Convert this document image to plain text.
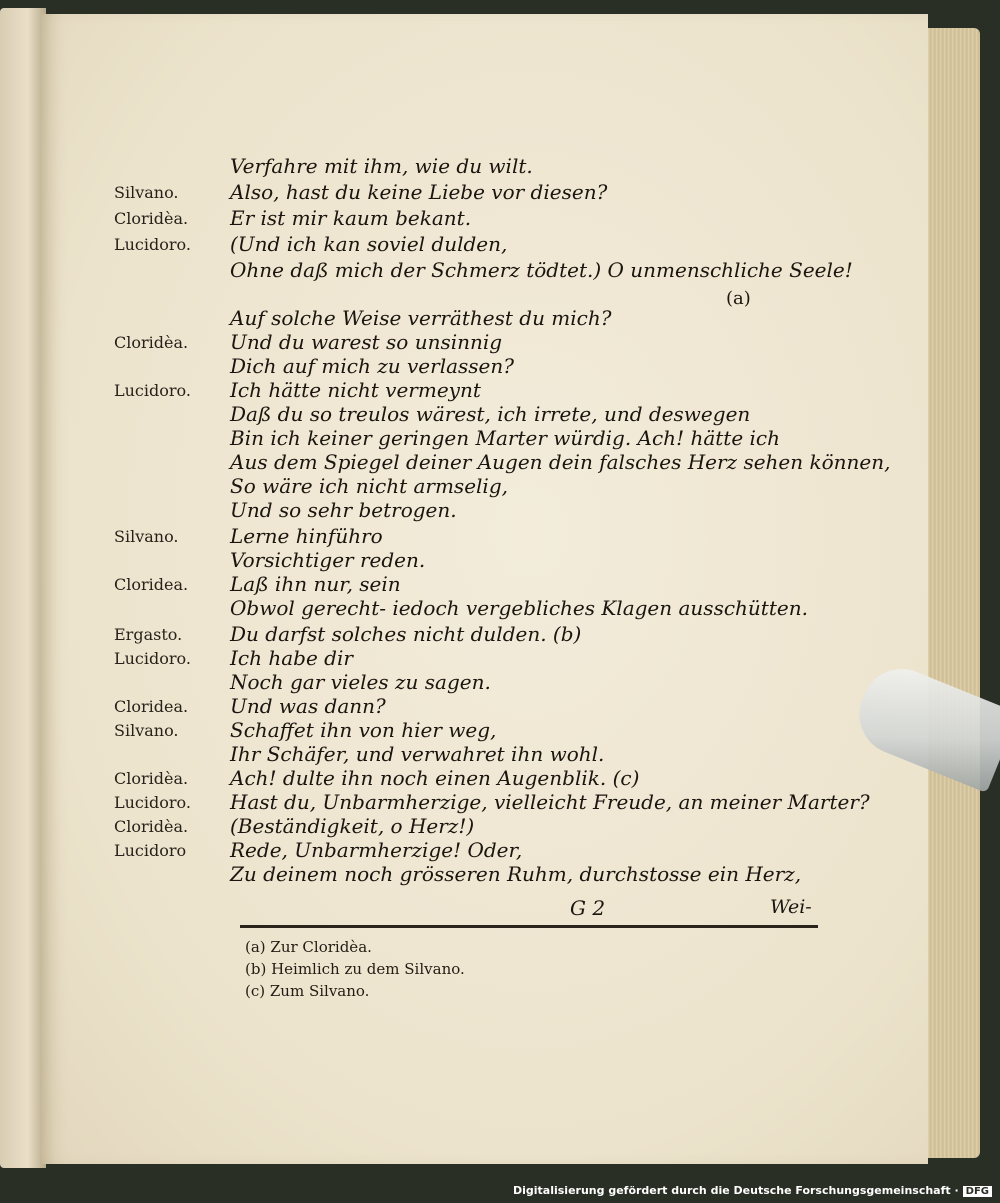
Verfahre mit ihm, wie du wilt.
Silvano.	Also, hast du keine Liebe vor diesen?
Cloridèa. Er ist mir kaum bekant.
Lucidoro. (Und ich kan soviel dulden,
Ohne daß mich der Schmerz tödtet.) O unmenschliche Seele!
Auf solche Weise verräthest du mich?
Cloridèa. Und du warest so unsinnig
Dich auf mich zu verlassen?
Lucidoro. Ich hätte nicht vermeynt
Daß du so treulos wärest, ich irrete, und deswegen
Bin ich keiner geringen Marter würdig. Ach! hätte ich
Aus dem Spiegel deiner Augen dein falsches Herz sehen können,
So wäre ich nicht armselig,
Und so sehr betrogen.
Silvano.	Lerne hinführo
Vorsichtiger reden.
Cloridea. Laß ihn nur, sein
Obwol gerecht- iedoch vergebliches Klagen ausschütten.
Ergasto. Du darfst solches nicht dulden. (b)
Lucidoro. Ich habe dir
Noch gar vieles zu sagen.
Cloridea. Und was dann?
Silvano.	Schaffet ihn von hier weg,
Ihr Schäfer, und verwahret ihn wohl.
Cloridèa. Ach! dulte ihn noch einen Augenblik. (c)
Lucidoro. Hast du, Unbarmherzige, vielleicht Freude, an meiner Marter?
Cloridèa. (Beständigkeit, o Herz!)
Lucidoro Rede, Unbarmherzige! Oder,
Zu deinem noch grösseren Ruhm, durchstosse ein Herz,
(a)
G 2	Wei-
(a) Zur Cloridèa.
(b) Heimlich zu dem Silvano.
(c) Zum Silvano.
Digitalisierung gefördert durch die Deutsche Forschungsgemeinschaft · DFG
